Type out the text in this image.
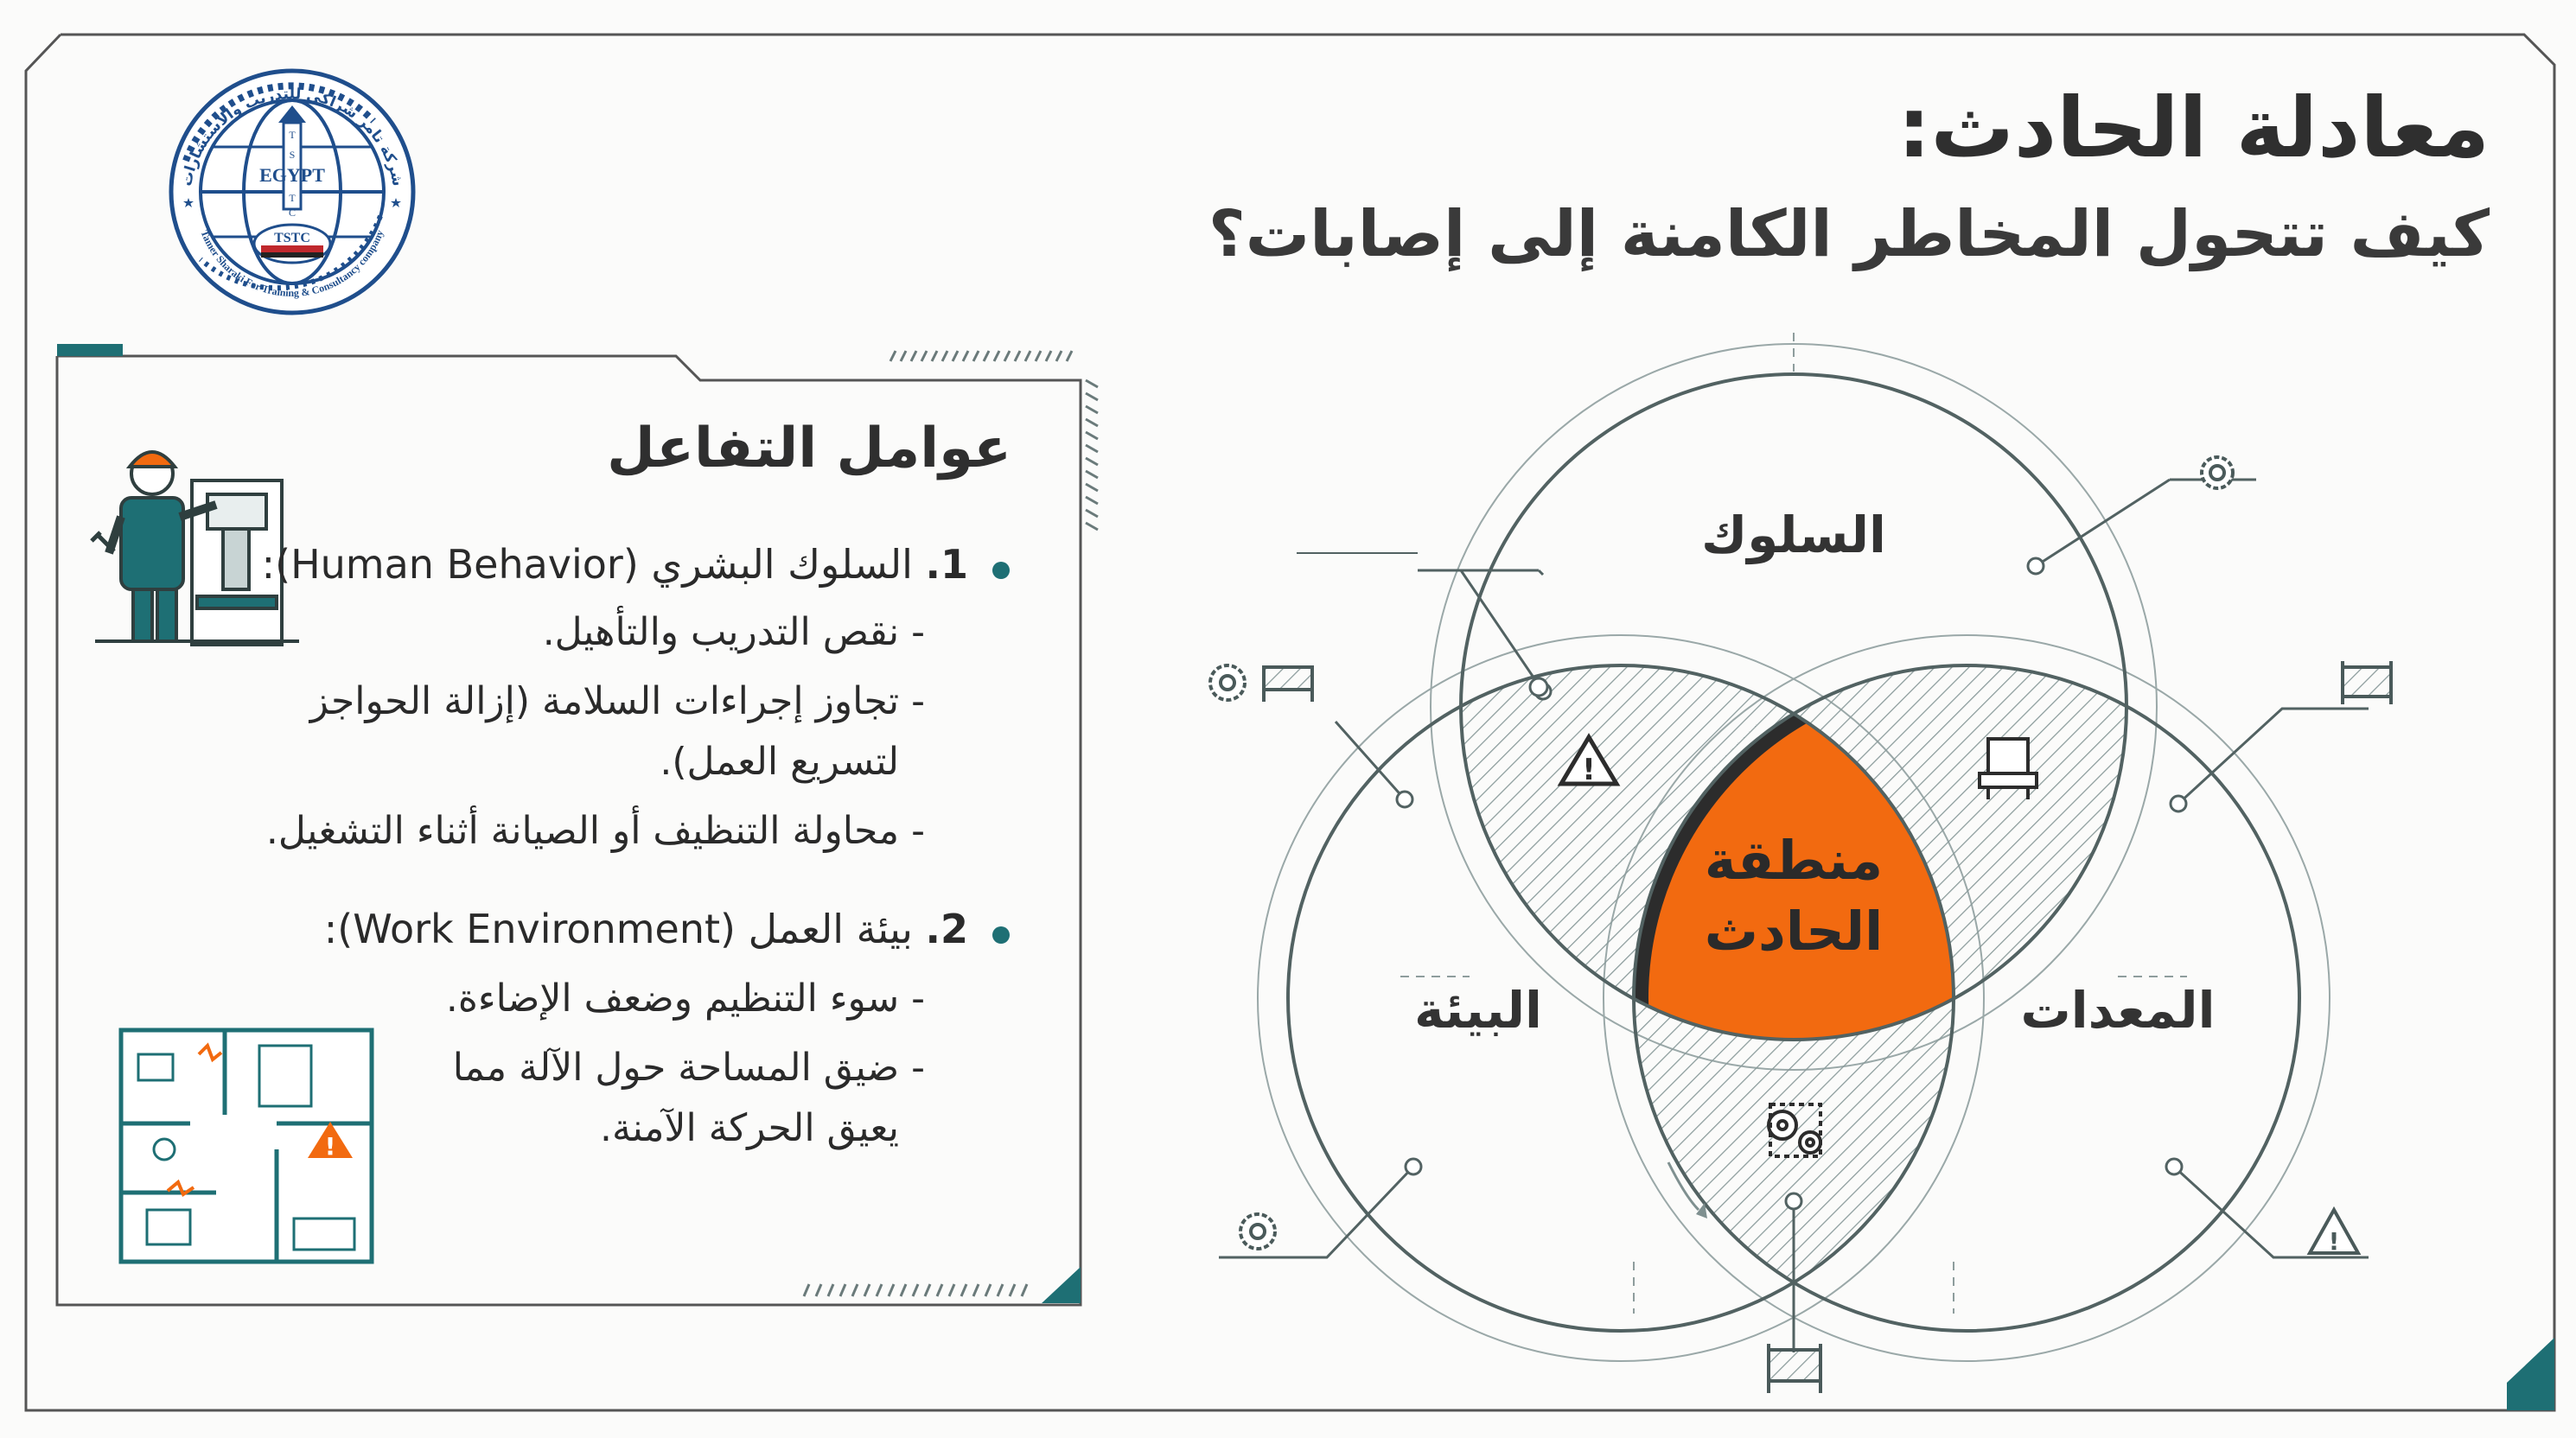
EGYPT
TSTC
T
S
T
C
!
!
!
معادلة الحادث:
كيف تتحول المخاطر الكامنة إلى إصابات؟
عوامل التفاعل
1. السلوك البشري (Human Behavior):
- نقص التدريب والتأهيل.
- تجاوز إجراءات السلامة (إزالة الحواجز
لتسريع العمل).
- محاولة التنظيف أو الصيانة أثناء التشغيل.
2. بيئة العمل (Work Environment):
- سوء التنظيم وضعف الإضاءة.
- ضيق المساحة حول الآلة مما
يعيق الحركة الآمنة.
السلوك
البيئة	المعدات
منطقة
الحادث
شركة تامر شراكي للتدريب والاستشارات
Tamer Sharaki For Training & Consultancy company
